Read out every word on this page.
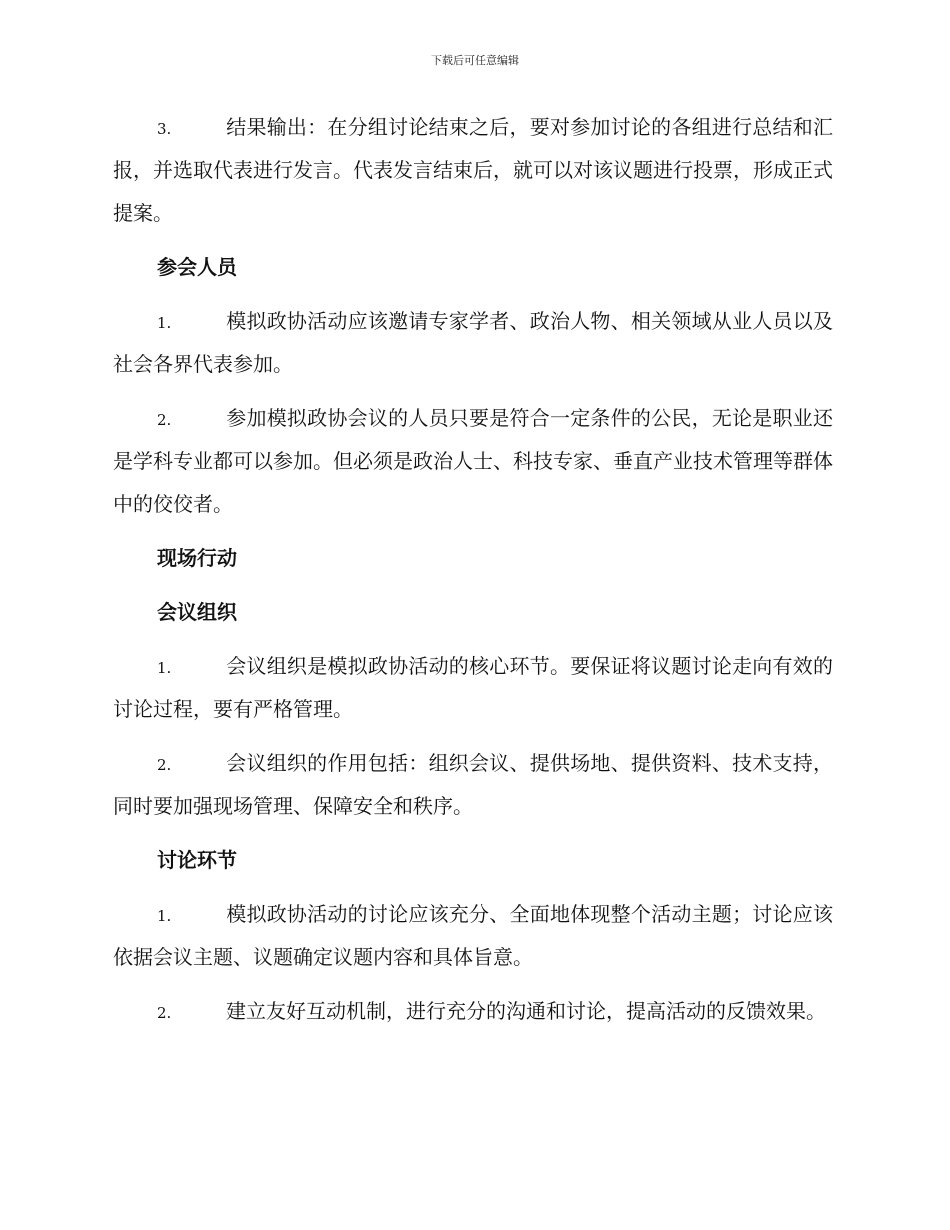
下载后可任意编辑

3.	结果输出：在分组讨论结束之后，要对参加讨论的各组进行总结和汇报，并选取代表进行发言。代表发言结束后，就可以对该议题进行投票，形成正式提案。

参会人员

1.	模拟政协活动应该邀请专家学者、政治人物、相关领域从业人员以及社会各界代表参加。

2.	参加模拟政协会议的人员只要是符合一定条件的公民，无论是职业还是学科专业都可以参加。但必须是政治人士、科技专家、垂直产业技术管理等群体中的佼佼者。

现场行动
会议组织

1.	会议组织是模拟政协活动的核心环节。要保证将议题讨论走向有效的讨论过程，要有严格管理。

2.	会议组织的作用包括：组织会议、提供场地、提供资料、技术支持，同时要加强现场管理、保障安全和秩序。

讨论环节

1.	模拟政协活动的讨论应该充分、全面地体现整个活动主题；讨论应该依据会议主题、议题确定议题内容和具体旨意。

2.	建立友好互动机制，进行充分的沟通和讨论，提高活动的反馈效果。
